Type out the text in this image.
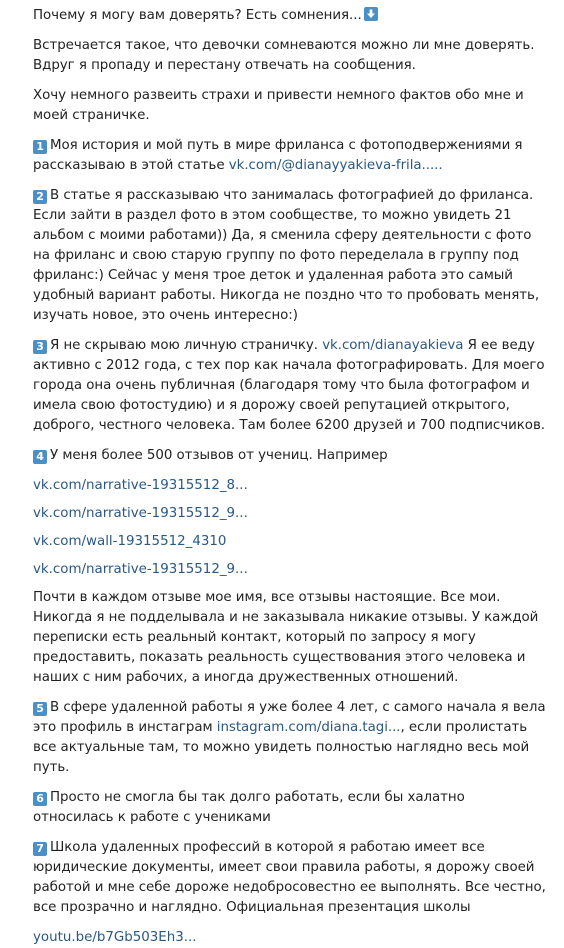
Почему я могу вам доверять? Есть сомнения...

Встречается такое, что девочки сомневаются можно ли мне доверять. Вдруг я пропаду и перестану отвечать на сообщения.

Хочу немного развеить страхи и привести немного фактов обо мне и моей страничке.

1 Моя история и мой путь в мире фриланса с фотоподвержениями я рассказываю в этой статье vk.com/@dianayyakieva-frila.....

2 В статье я рассказываю что занималась фотографией до фриланса. Если зайти в раздел фото в этом сообществе, то можно увидеть 21 альбом с моими работами)) Да, я сменила сферу деятельности с фото на фриланс и свою старую группу по фото переделала в группу под фриланс:) Сейчас у меня трое деток и удаленная работа это самый удобный вариант работы. Никогда не поздно что то пробовать менять, изучать новое, это очень интересно:)

3 Я не скрываю мою личную страничку. vk.com/dianayakieva Я ее веду активно с 2012 года, с тех пор как начала фотографировать. Для моего города она очень публичная (благодаря тому что была фотографом и имела свою фотостудию) и я дорожу своей репутацией открытого, доброго, честного человека. Там более 6200 друзей и 700 подписчиков.

4 У меня более 500 отзывов от учениц. Например

vk.com/narrative-19315512_8...

vk.com/narrative-19315512_9...

vk.com/wall-19315512_4310

vk.com/narrative-19315512_9...

Почти в каждом отзыве мое имя, все отзывы настоящие. Все мои. Никогда я не подделывала и не заказывала никакие отзывы. У каждой переписки есть реальный контакт, который по запросу я могу предоставить, показать реальность существования этого человека и наших с ним рабочих, а иногда дружественных отношений.

5 В сфере удаленной работы я уже более 4 лет, с самого начала я вела это профиль в инстаграм instagram.com/diana.tagi..., если пролистать все актуальные там, то можно увидеть полностью наглядно весь мой путь.

6 Просто не смогла бы так долго работать, если бы халатно относилась к работе с учениками

7 Школа удаленных профессий в которой я работаю имеет все юридические документы, имеет свои правила работы, я дорожу своей работой и мне себе дороже недобросовестно ее выполнять. Все честно, все прозрачно и наглядно. Официальная презентация школы

youtu.be/b7Gb503Eh3...
